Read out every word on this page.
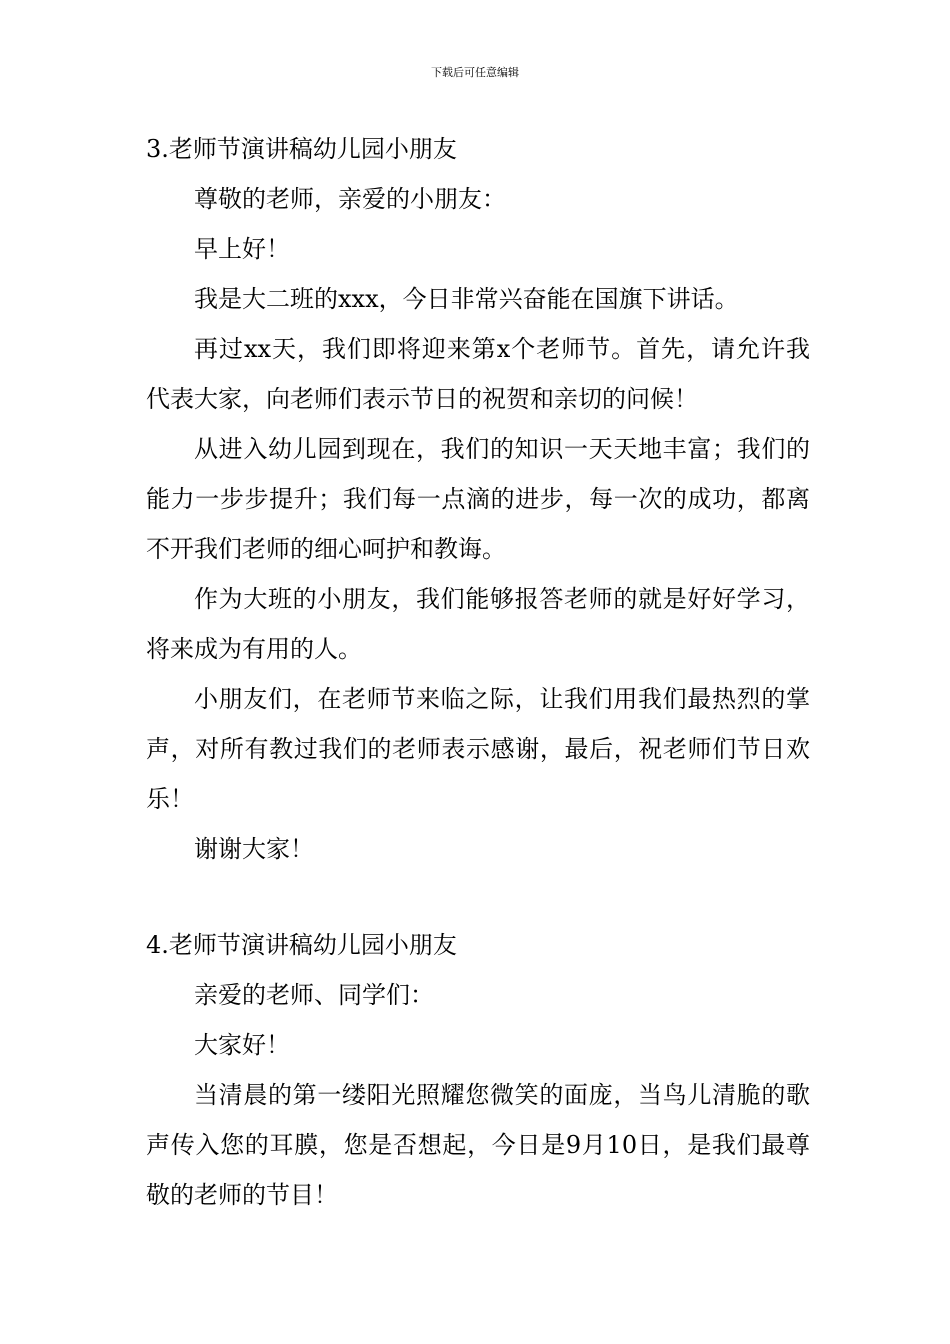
下载后可任意编辑
3.老师节演讲稿幼儿园小朋友

尊敬的老师，亲爱的小朋友：

早上好！

我是大二班的xxx，今日非常兴奋能在国旗下讲话。

再过xx天，我们即将迎来第x个老师节。首先，请允许我代表大家，向老师们表示节日的祝贺和亲切的问候！

从进入幼儿园到现在，我们的知识一天天地丰富；我们的能力一步步提升；我们每一点滴的进步，每一次的成功，都离不开我们老师的细心呵护和教诲。

作为大班的小朋友，我们能够报答老师的就是好好学习，将来成为有用的人。

小朋友们，在老师节来临之际，让我们用我们最热烈的掌声，对所有教过我们的老师表示感谢，最后，祝老师们节日欢乐！

谢谢大家！

4.老师节演讲稿幼儿园小朋友

亲爱的老师、同学们：

大家好！

当清晨的第一缕阳光照耀您微笑的面庞，当鸟儿清脆的歌声传入您的耳膜，您是否想起，今日是9月10日，是我们最尊敬的老师的节目！
